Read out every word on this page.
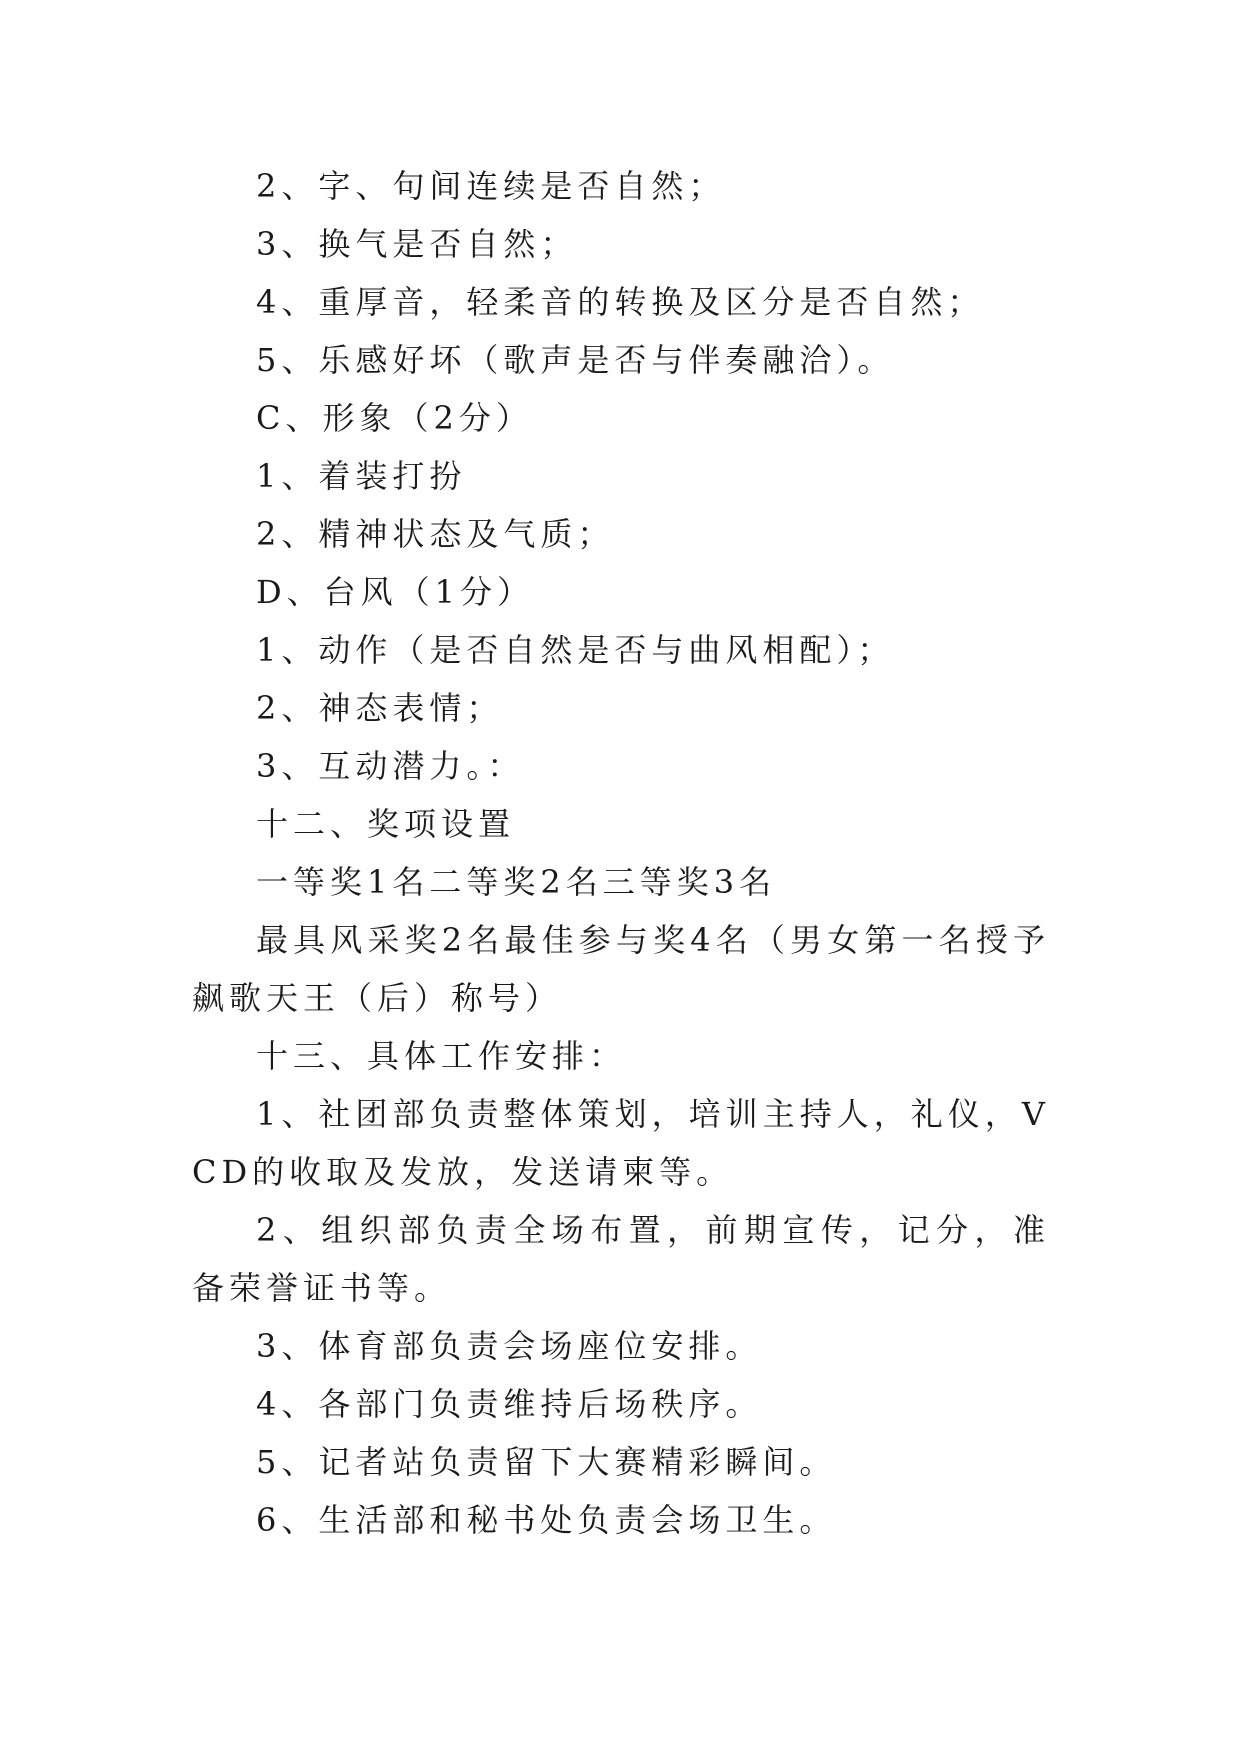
2、字、句间连续是否自然；

3、换气是否自然；

4、重厚音，轻柔音的转换及区分是否自然；

5、乐感好坏（歌声是否与伴奏融洽）。

C、形象（2分）

1、着装打扮

2、精神状态及气质；

D、台风（1分）

1、动作（是否自然是否与曲风相配）；

2、神态表情；

3、互动潜力。：

十二、奖项设置

一等奖1名二等奖2名三等奖3名

最具风采奖2名最佳参与奖4名（男女第一名授予飙歌天王（后）称号）

十三、具体工作安排：

1、社团部负责整体策划，培训主持人，礼仪，VCD的收取及发放，发送请柬等。

2、组织部负责全场布置，前期宣传，记分，准备荣誉证书等。

3、体育部负责会场座位安排。

4、各部门负责维持后场秩序。

5、记者站负责留下大赛精彩瞬间。

6、生活部和秘书处负责会场卫生。
